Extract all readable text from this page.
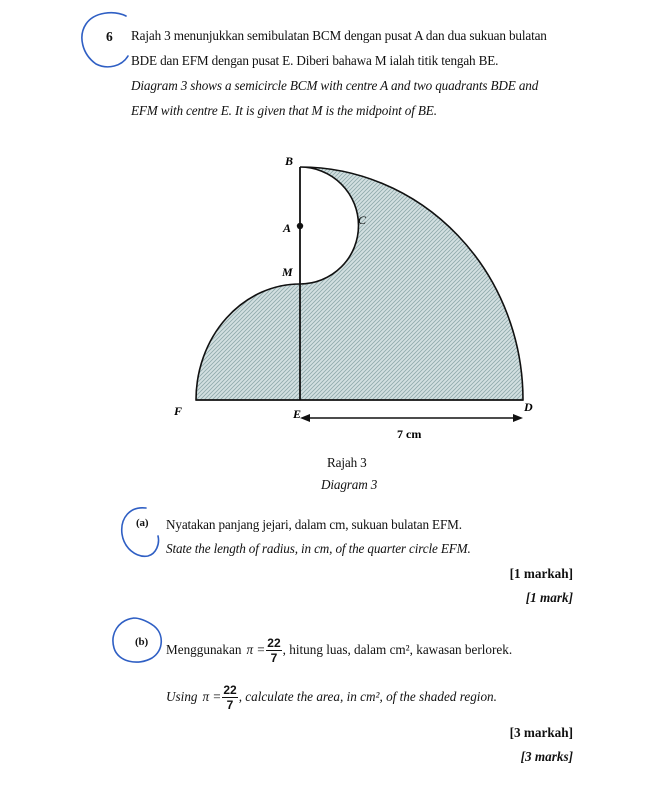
6 Rajah 3 menunjukkan semibulatan BCM dengan pusat A dan dua sukuan bulatan
BDE dan EFM dengan pusat E. Diberi bahawa M ialah titik tengah BE.
Diagram 3 shows a semicircle BCM with centre A and two quadrants BDE and
EFM with centre E. It is given that M is the midpoint of BE.
B
A
C
M
F	E	D
7 cm
Rajah 3
Diagram 3
(a) Nyatakan panjang jejari, dalam cm, sukuan bulatan EFM.
State the length of radius, in cm, of the quarter circle EFM.
[1 markah]
[1 mark]
(b) Menggunakan $\pi = \frac{22}{7}$ , hitung luas, dalam cm², kawasan berlorek.
Using $\pi = \frac{22}{7}$ , calculate the area, in cm², of the shaded region.
[3 markah]
[3 marks]
